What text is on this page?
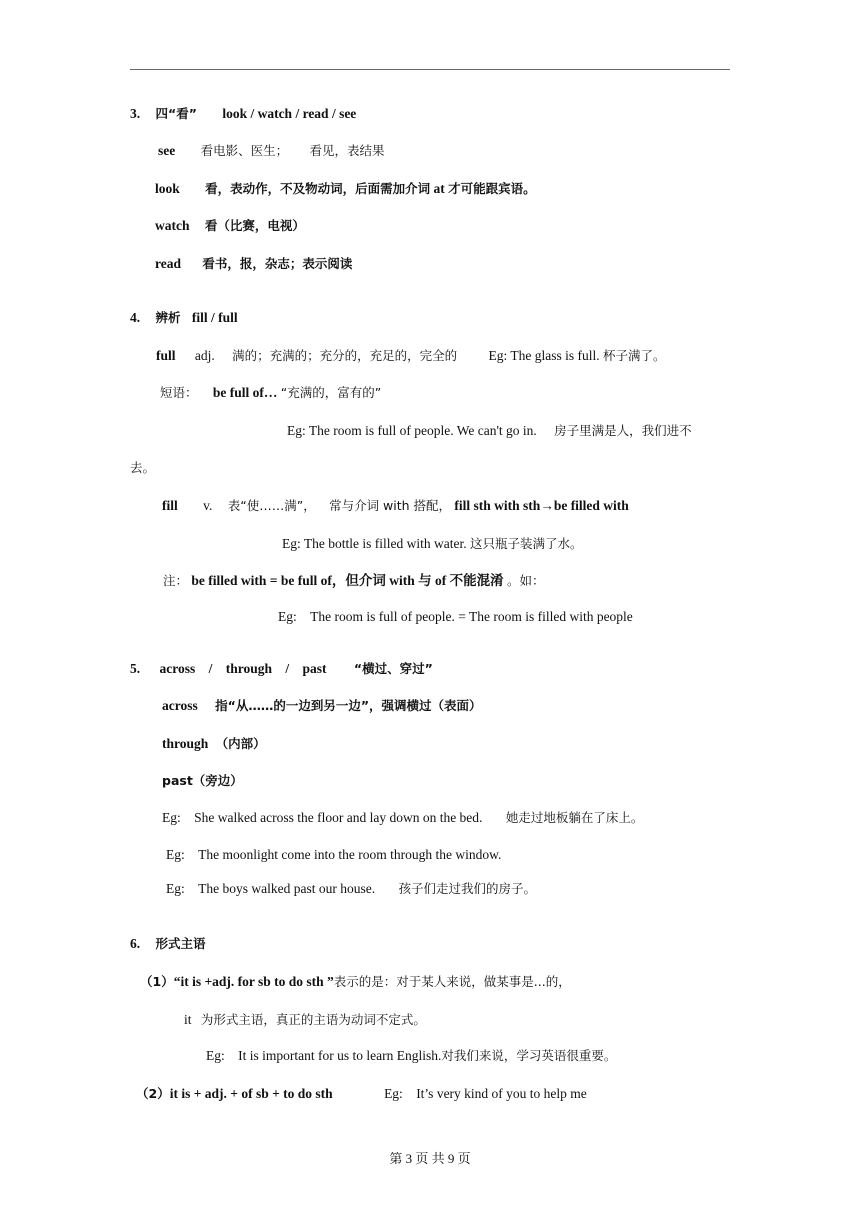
3. 四“看” look / watch / read / see
see 看电影、医生； 看见，表结果
look 看，表动作，不及物动词，后面需加介词 at 才可能跟宾语。
watch 看（比赛，电视）
read 看书，报，杂志；表示阅读
4. 辨析 fill / full
full adj. 满的；充满的；充分的，充足的，完全的 Eg: The glass is full. 杯子满了。
短语： be full of… “充满的，富有的”
Eg: The room is full of people. We can't go in. 房子里满是人，我们进不
去。
fill v. 表“使……满”， 常与介词 with 搭配， fill sth with sth→be filled with
Eg: The bottle is filled with water. 这只瓶子装满了水。
注： be filled with = be full of，但介词 with 与 of 不能混淆 。如：
Eg: The room is full of people. = The room is filled with people
5. across / through / past “横过、穿过”
across 指“从……的一边到另一边”，强调横过（表面）
through （内部）
past（旁边）
Eg: She walked across the floor and lay down on the bed. 她走过地板躺在了床上。
Eg: The moonlight come into the room through the window.
Eg: The boys walked past our house. 孩子们走过我们的房子。
6. 形式主语
（1）“it is +adj. for sb to do sth ”表示的是：对于某人来说，做某事是...的，
it 为形式主语，真正的主语为动词不定式。
Eg: It is important for us to learn English.对我们来说，学习英语很重要。
（2）it is + adj. + of sb + to do sth	Eg: It’s very kind of you to help me
第 3 页 共 9 页
